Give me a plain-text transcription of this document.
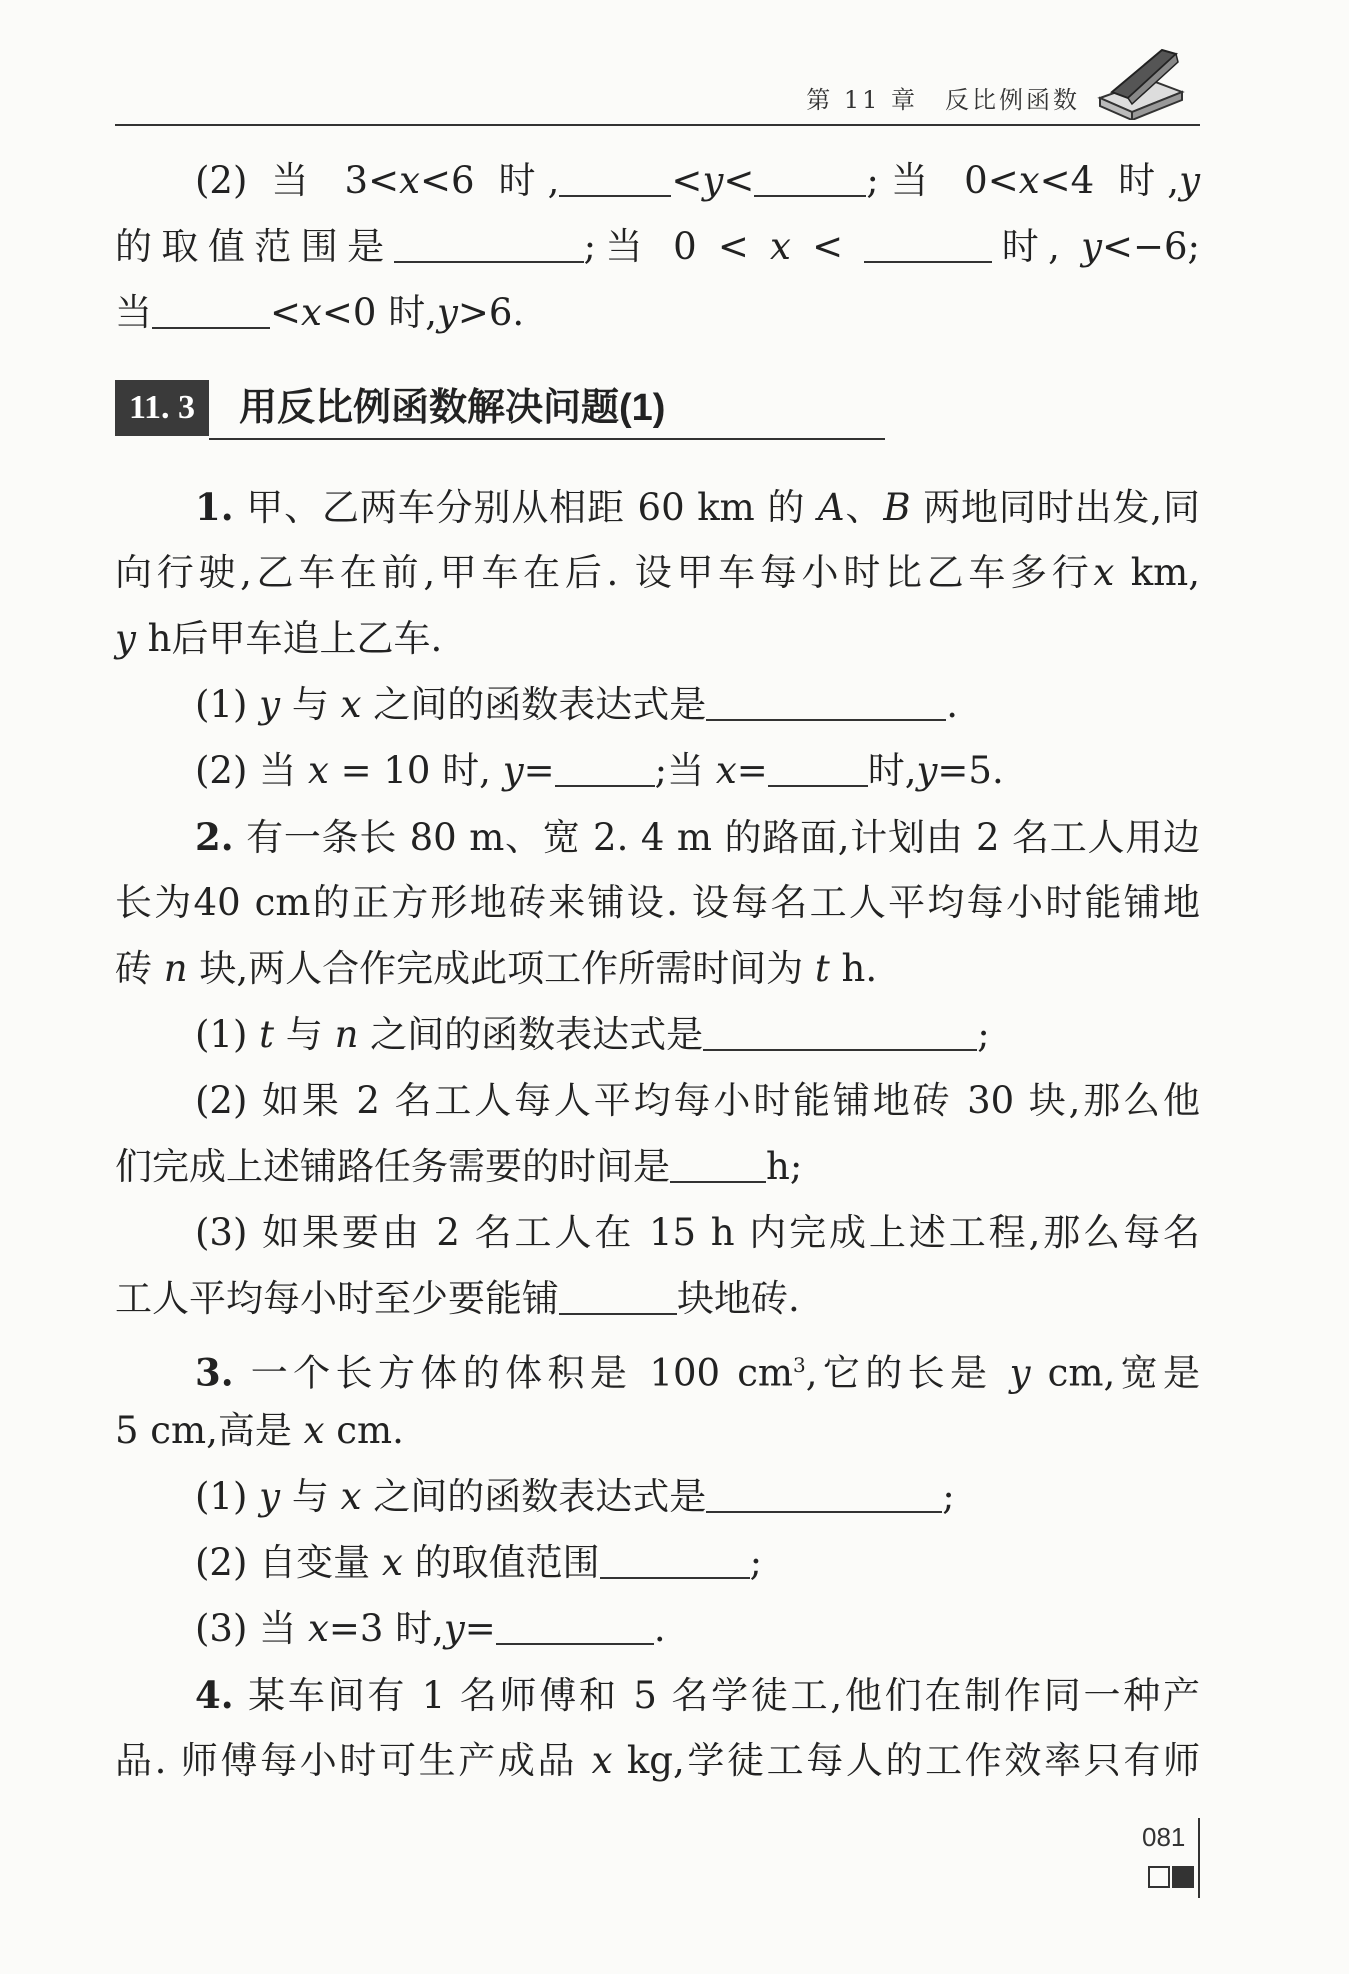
第 11 章　反比例函数
(2) 当 3<x<6 时,	<y<	;当 0<x<4 时,y
的取值范围是	;当 0 < x <	时, y<−6;
当	<x<0 时,y>6.
11. 3	用反比例函数解决问题(1)
1. 甲、乙两车分别从相距 60 km 的 A、B 两地同时出发,同
向行驶,乙车在前,甲车在后. 设甲车每小时比乙车多行x km,
y h后甲车追上乙车.
(1) y 与 x 之间的函数表达式是	.
(2) 当 x = 10 时, y=	;当 x=	时,y=5.
2. 有一条长 80 m、宽 2. 4 m 的路面,计划由 2 名工人用边
长为40 cm的正方形地砖来铺设. 设每名工人平均每小时能铺地
砖 n 块,两人合作完成此项工作所需时间为 t h.
(1) t 与 n 之间的函数表达式是	;
(2) 如果 2 名工人每人平均每小时能铺地砖 30 块,那么他
们完成上述铺路任务需要的时间是	h;
(3) 如果要由 2 名工人在 15 h 内完成上述工程,那么每名
工人平均每小时至少要能铺	块地砖.
3. 一个长方体的体积是 100 $cm^3$,它的长是 y cm,宽是
5 cm,高是 x cm.
(1) y 与 x 之间的函数表达式是	;
(2) 自变量 x 的取值范围	;
(3) 当 x=3 时,y=	.
4. 某车间有 1 名师傅和 5 名学徒工,他们在制作同一种产
品. 师傅每小时可生产成品 x kg,学徒工每人的工作效率只有师
081
